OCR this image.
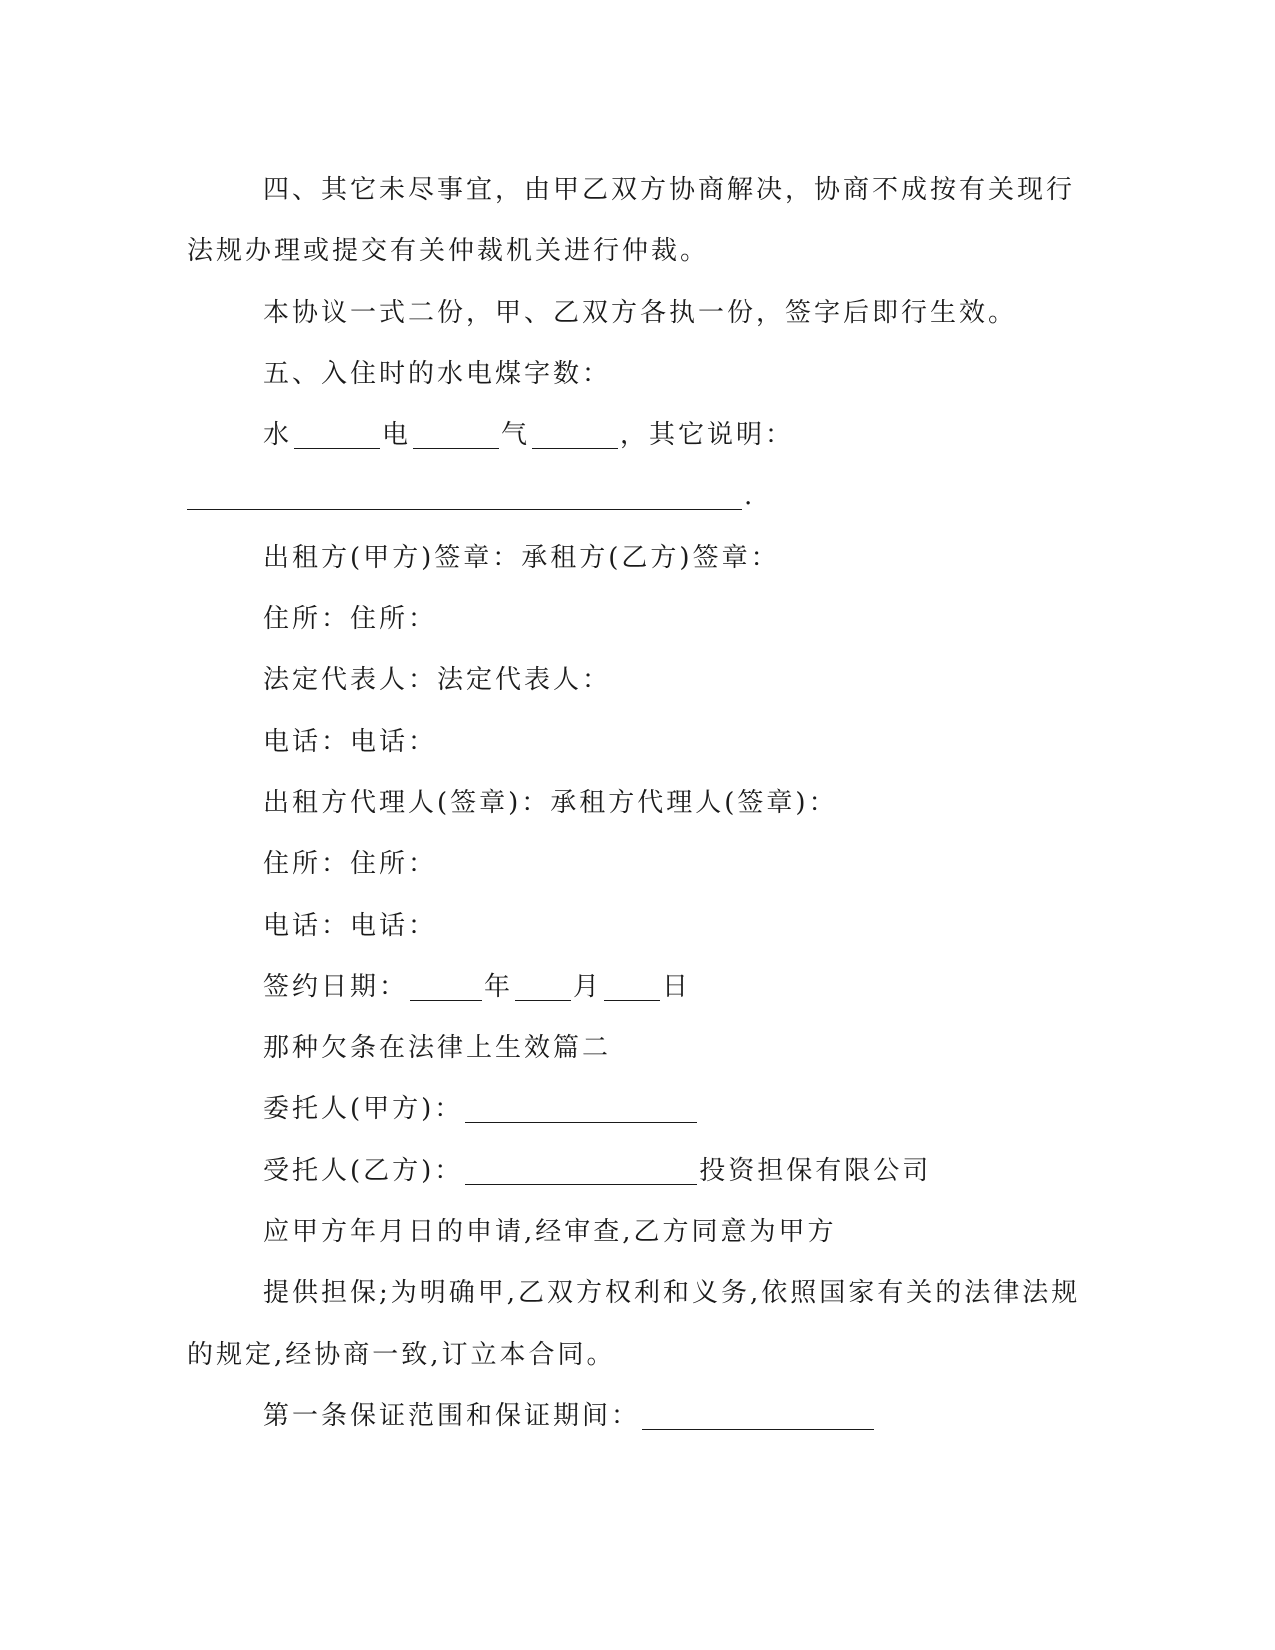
四、其它未尽事宜，由甲乙双方协商解决，协商不成按有关现行
法规办理或提交有关仲裁机关进行仲裁。
本协议一式二份，甲、乙双方各执一份，签字后即行生效。
五、入住时的水电煤字数：
水	电	气	，其它说明：
.
出租方(甲方)签章：承租方(乙方)签章：
住所：住所：
法定代表人：法定代表人：
电话：电话：
出租方代理人(签章)：承租方代理人(签章)：
住所：住所：
电话：电话：
签约日期：	年 月 日
那种欠条在法律上生效篇二
委托人(甲方)：
受托人(乙方)：	投资担保有限公司
应甲方年月日的申请,经审查,乙方同意为甲方
提供担保;为明确甲,乙双方权利和义务,依照国家有关的法律法规
的规定,经协商一致,订立本合同。
第一条保证范围和保证期间：
